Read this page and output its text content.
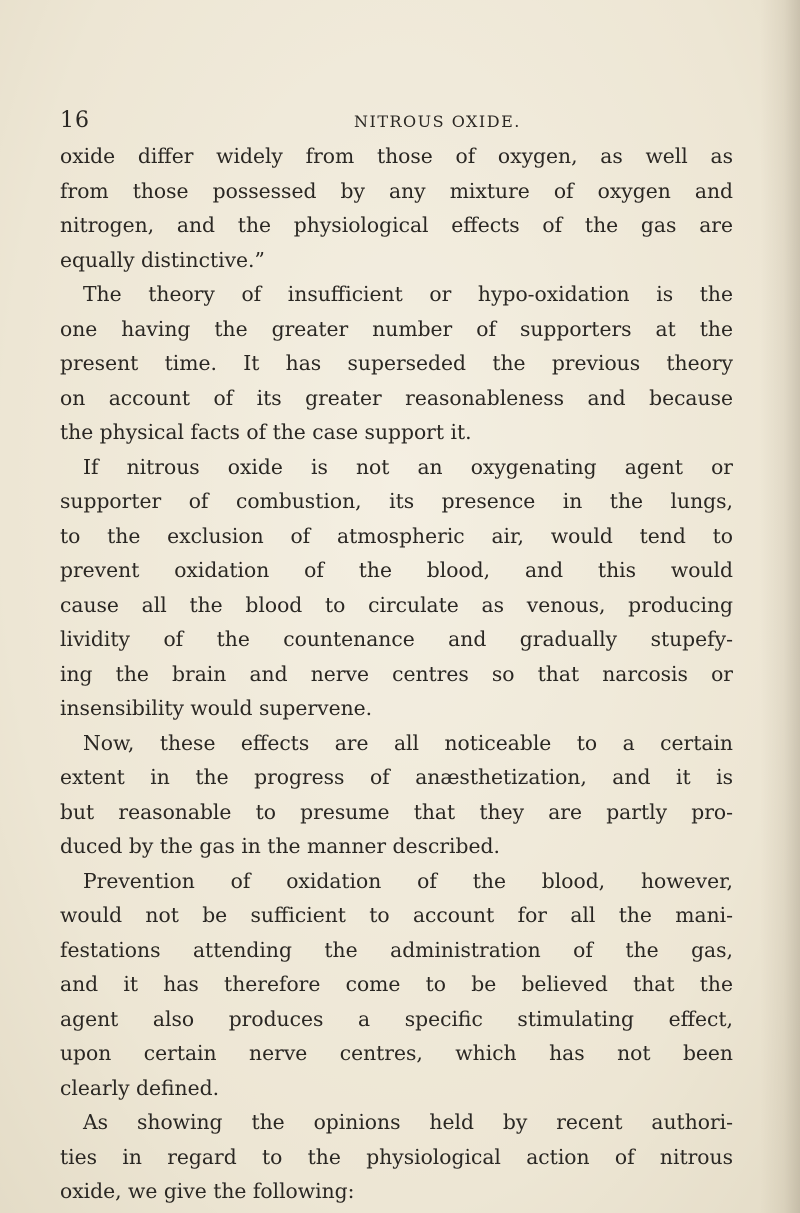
16	NITROUS OXIDE.
oxide differ widely from those of oxygen, as well as
from those possessed by any mixture of oxygen and
nitrogen, and the physiological effects of the gas are
equally distinctive.”
The theory of insufficient or hypo-oxidation is the
one having the greater number of supporters at the
present time. It has superseded the previous theory
on account of its greater reasonableness and because
the physical facts of the case support it.
If nitrous oxide is not an oxygenating agent or
supporter of combustion, its presence in the lungs,
to the exclusion of atmospheric air, would tend to
prevent oxidation of the blood, and this would
cause all the blood to circulate as venous, producing
lividity of the countenance and gradually stupefy-
ing the brain and nerve centres so that narcosis or
insensibility would supervene.
Now, these effects are all noticeable to a certain
extent in the progress of anæsthetization, and it is
but reasonable to presume that they are partly pro-
duced by the gas in the manner described.
Prevention of oxidation of the blood, however,
would not be sufficient to account for all the mani-
festations attending the administration of the gas,
and it has therefore come to be believed that the
agent also produces a specific stimulating effect,
upon certain nerve centres, which has not been
clearly defined.
As showing the opinions held by recent authori-
ties in regard to the physiological action of nitrous
oxide, we give the following:
